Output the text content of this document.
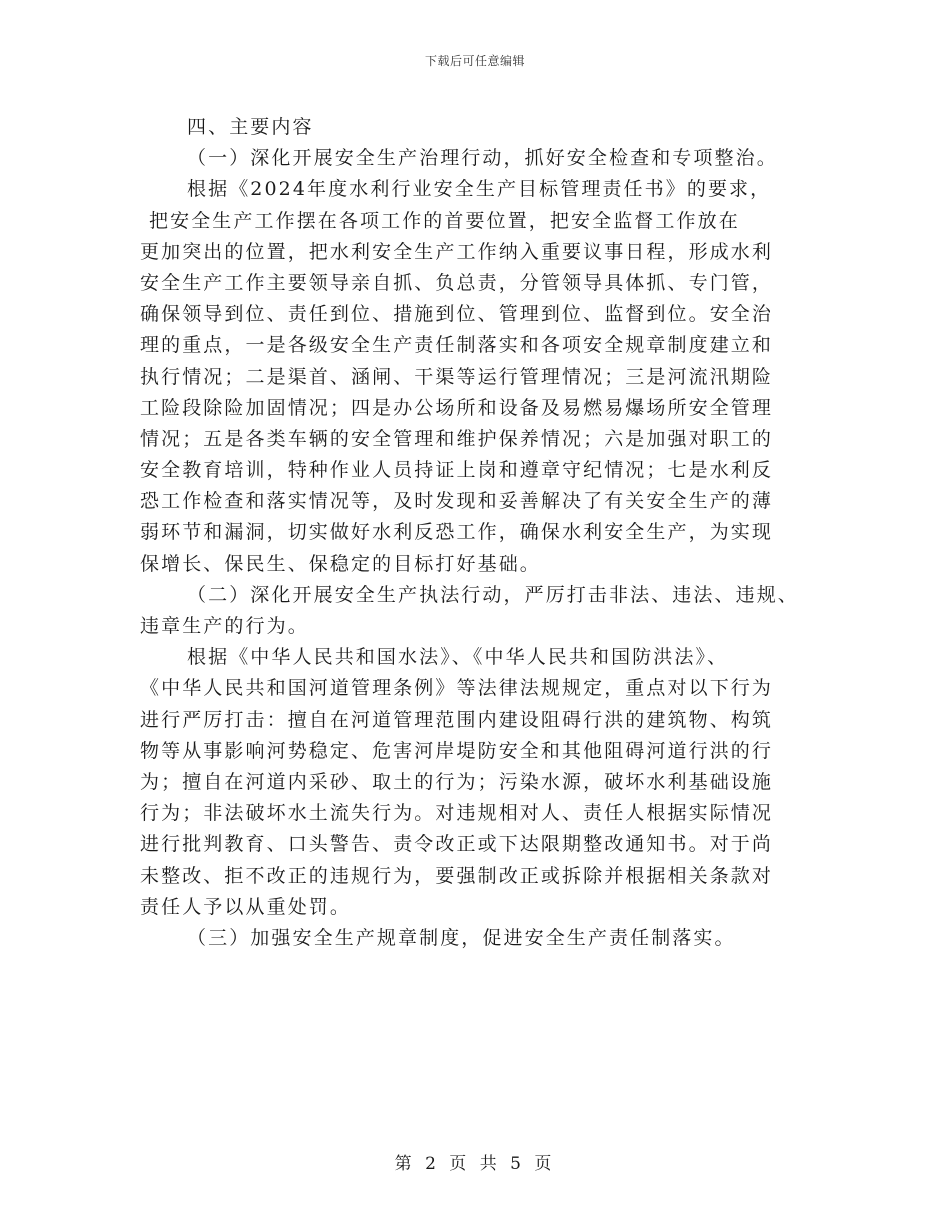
下载后可任意编辑
四、主要内容
（一）深化开展安全生产治理行动，抓好安全检查和专项整治。
根据《2024年度水利行业安全生产目标管理责任书》的要求，
把安全生产工作摆在各项工作的首要位置，把安全监督工作放在
更加突出的位置，把水利安全生产工作纳入重要议事日程，形成水利
安全生产工作主要领导亲自抓、负总责，分管领导具体抓、专门管，
确保领导到位、责任到位、措施到位、管理到位、监督到位。安全治
理的重点，一是各级安全生产责任制落实和各项安全规章制度建立和
执行情况；二是渠首、涵闸、干渠等运行管理情况；三是河流汛期险
工险段除险加固情况；四是办公场所和设备及易燃易爆场所安全管理
情况；五是各类车辆的安全管理和维护保养情况；六是加强对职工的
安全教育培训，特种作业人员持证上岗和遵章守纪情况；七是水利反
恐工作检查和落实情况等，及时发现和妥善解决了有关安全生产的薄
弱环节和漏洞，切实做好水利反恐工作，确保水利安全生产，为实现
保增长、保民生、保稳定的目标打好基础。
（二）深化开展安全生产执法行动，严厉打击非法、违法、违规、
违章生产的行为。
根据《中华人民共和国水法》、《中华人民共和国防洪法》、
《中华人民共和国河道管理条例》等法律法规规定，重点对以下行为
进行严厉打击：擅自在河道管理范围内建设阻碍行洪的建筑物、构筑
物等从事影响河势稳定、危害河岸堤防安全和其他阻碍河道行洪的行
为；擅自在河道内采砂、取土的行为；污染水源，破坏水利基础设施
行为；非法破坏水土流失行为。对违规相对人、责任人根据实际情况
进行批判教育、口头警告、责令改正或下达限期整改通知书。对于尚
未整改、拒不改正的违规行为，要强制改正或拆除并根据相关条款对
责任人予以从重处罚。
（三）加强安全生产规章制度，促进安全生产责任制落实。
第 2 页 共 5 页
